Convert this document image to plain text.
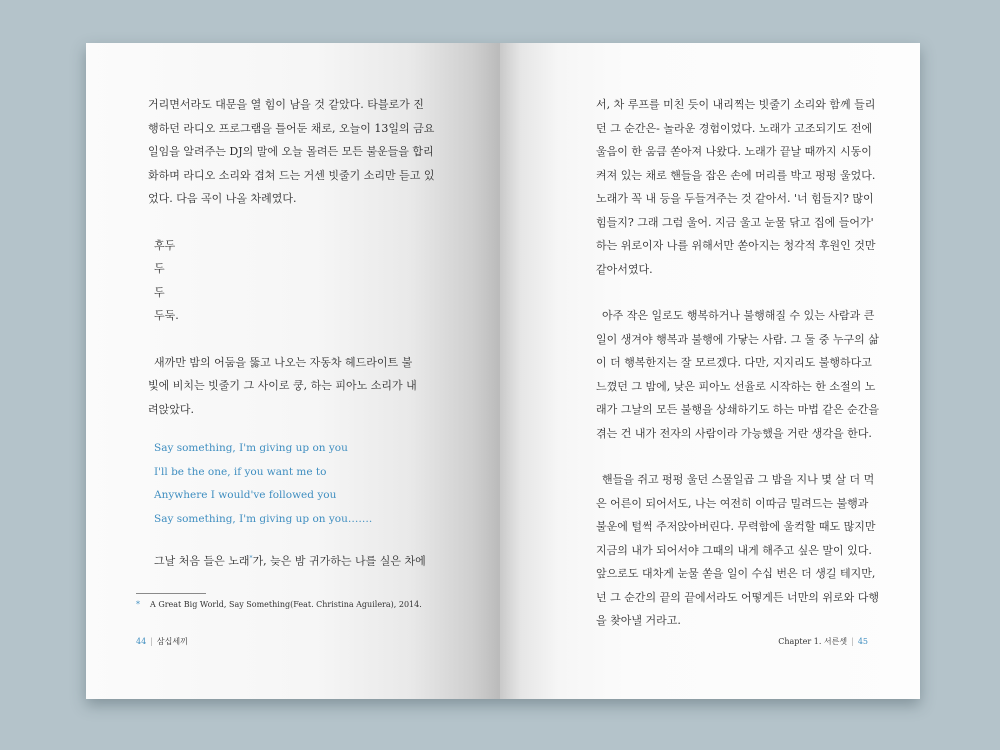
거리면서라도 대문을 열 힘이 남을 것 같았다. 타블로가 진

행하던 라디오 프로그램을 틀어둔 채로, 오늘이 13일의 금요

일임을 알려주는 DJ의 말에 오늘 몰려든 모든 불운들을 합리

화하며 라디오 소리와 겹쳐 드는 거센 빗줄기 소리만 듣고 있

었다. 다음 곡이 나올 차례였다.

후두

두

두

두둑.

새까만 밤의 어둠을 뚫고 나오는 자동차 헤드라이트 불

빛에 비치는 빗줄기 그 사이로 쿵, 하는 피아노 소리가 내

려앉았다.

Say something, I'm giving up on you

I'll be the one, if you want me to

Anywhere I would've followed you

Say something, I'm giving up on you…….

그날 처음 들은 노래*가, 늦은 밤 귀가하는 나를 실은 차에

* A Great Big World, Say Something(Feat. Christina Aguilera), 2014.
44 | 삼십세끼

서, 차 루프를 미친 듯이 내리찍는 빗줄기 소리와 함께 들리

던 그 순간은- 놀라운 경험이었다. 노래가 고조되기도 전에

울음이 한 움큼 쏟아져 나왔다. 노래가 끝날 때까지 시동이

켜져 있는 채로 핸들을 잡은 손에 머리를 박고 펑펑 울었다.

노래가 꼭 내 등을 두들겨주는 것 같아서. '너 힘들지? 많이

힘들지? 그래 그럼 울어. 지금 울고 눈물 닦고 집에 들어가'

하는 위로이자 나를 위해서만 쏟아지는 청각적 후원인 것만

같아서였다.

아주 작은 일로도 행복하거나 불행해질 수 있는 사람과 큰

일이 생겨야 행복과 불행에 가닿는 사람. 그 둘 중 누구의 삶

이 더 행복한지는 잘 모르겠다. 다만, 지지리도 불행하다고

느꼈던 그 밤에, 낮은 피아노 선율로 시작하는 한 소절의 노

래가 그날의 모든 불행을 상쇄하기도 하는 마법 같은 순간을

겪는 건 내가 전자의 사람이라 가능했을 거란 생각을 한다.

핸들을 쥐고 펑펑 울던 스물일곱 그 밤을 지나 몇 살 더 먹

은 어른이 되어서도, 나는 여전히 이따금 밀려드는 불행과

불운에 털썩 주저앉아버린다. 무력함에 울컥할 때도 많지만

지금의 내가 되어서야 그때의 내게 해주고 싶은 말이 있다.

앞으로도 대차게 눈물 쏟을 일이 수십 번은 더 생길 테지만,

넌 그 순간의 끝의 끝에서라도 어떻게든 너만의 위로와 다행

을 찾아낼 거라고.

Chapter 1. 서른셋 | 45
